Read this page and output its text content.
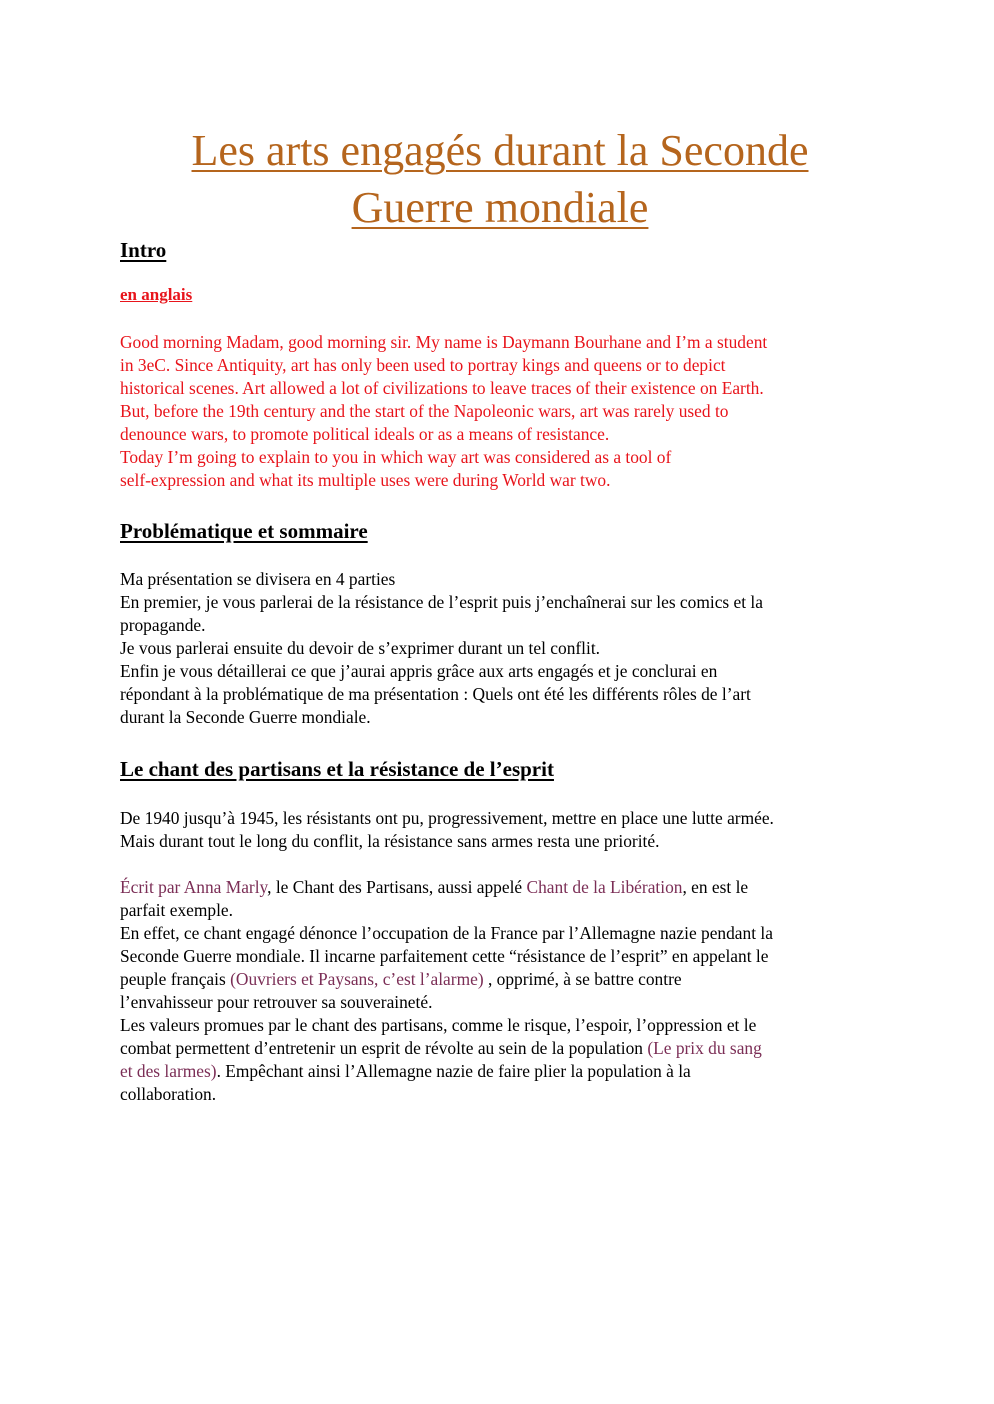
Les arts engagés durant la Seconde
Guerre mondiale
Intro
en anglais
Good morning Madam, good morning sir. My name is Daymann Bourhane and I’m a student
in 3eC. Since Antiquity, art has only been used to portray kings and queens or to depict
historical scenes. Art allowed a lot of civilizations to leave traces of their existence on Earth.
But, before the 19th century and the start of the Napoleonic wars, art was rarely used to
denounce wars, to promote political ideals or as a means of resistance.
Today I’m going to explain to you in which way art was considered as a tool of
self-expression and what its multiple uses were during World war two.
Problématique et sommaire
Ma présentation se divisera en 4 parties
En premier, je vous parlerai de la résistance de l’esprit puis j’enchaînerai sur les comics et la
propagande.
Je vous parlerai ensuite du devoir de s’exprimer durant un tel conflit.
Enfin je vous détaillerai ce que j’aurai appris grâce aux arts engagés et je conclurai en
répondant à la problématique de ma présentation : Quels ont été les différents rôles de l’art
durant la Seconde Guerre mondiale.
Le chant des partisans et la résistance de l’esprit
De 1940 jusqu’à 1945, les résistants ont pu, progressivement, mettre en place une lutte armée.
Mais durant tout le long du conflit, la résistance sans armes resta une priorité.
Écrit par Anna Marly, le Chant des Partisans, aussi appelé Chant de la Libération, en est le
parfait exemple.
En effet, ce chant engagé dénonce l’occupation de la France par l’Allemagne nazie pendant la
Seconde Guerre mondiale. Il incarne parfaitement cette “résistance de l’esprit” en appelant le
peuple français (Ouvriers et Paysans, c’est l’alarme) , opprimé, à se battre contre
l’envahisseur pour retrouver sa souveraineté.
Les valeurs promues par le chant des partisans, comme le risque, l’espoir, l’oppression et le
combat permettent d’entretenir un esprit de révolte au sein de la population (Le prix du sang
et des larmes). Empêchant ainsi l’Allemagne nazie de faire plier la population à la
collaboration.
